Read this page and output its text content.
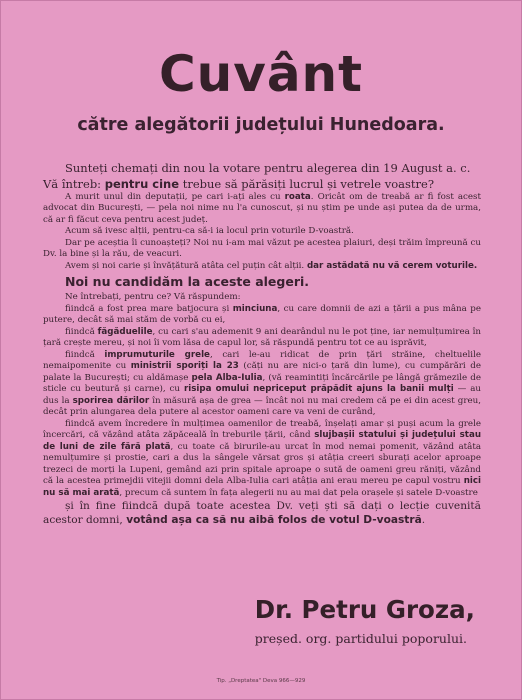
Cuvânt
către alegătorii județului Hunedoara.

Sunteți chemați din nou la votare pentru alegerea din 19 August a. c.

Vă întreb: pentru cine trebue să părăsiți lucrul și vetrele voastre?

A murit unul din deputații, pe cari i-ați ales cu roata. Oricât om de treabă ar fi fost acest advocat din București, — pela noi nime nu l'a cunoscut, și nu știm pe unde ași putea da de urma, că ar fi făcut ceva pentru acest județ.

Acum să ivesc alții, pentru-ca să-i ia locul prin voturile D-voastră.

Dar pe aceștia îi cunoașteți? Noi nu i-am mai văzut pe acestea plaiuri, deși trăim împreună cu Dv. la bine și la rău, de veacuri.

Avem și noi carie și învățătură atâta cel puțin cât alții. dar astădată nu vă cerem voturile.

Noi nu candidăm la aceste alegeri.

Ne întrebați, pentru ce? Vă răspundem:

fiindcă a fost prea mare batjocura și minciuna, cu care domnii de azi a țării a pus mâna pe putere, decât să mai stăm de vorbă cu ei,

fiindcă făgăduelile, cu cari s'au ademenit 9 ani dearândul nu le pot ține, iar nemulțumirea în țară crește mereu, și noi îi vom lăsa de capul lor, să răspundă pentru tot ce au isprăvit,

fiindcă imprumuturile grele, cari le-au ridicat de prin țări străine, cheltuelile nemaipomenite cu ministrii sporiți la 23 (căți nu are nici-o țară din lume), cu cumpărări de palate la București; cu aldămașe pela Alba-Iulia, (vă reamintiți încărcările pe lângă grămezile de sticle cu beutură și carne), cu risipa omului nepriceput prăpădit ajuns la banii mulți — au dus la sporirea dărilor în măsură așa de grea — încât noi nu mai credem că pe ei din acest greu, decât prin alungarea dela putere al acestor oameni care va veni de curând,

fiindcă avem încredere în mulțimea oamenilor de treabă, înșelați amar și puși acum la grele încercări, că văzând atâta zăpăceală în treburile țării, când slujbașii statului și județului stau de luni de zile fără plată, cu toate că birurile-au urcat în mod nemai pomenit, văzând atâta nemulțumire și prostie, cari a dus la sângele vărsat gros și atâția creeri sburați acelor aproape trezeci de morți la Lupeni, gemând azi prin spitale aproape o sută de oameni greu răniți, văzând că la acestea primejdii vitejii domni dela Alba-Iulia cari atâția ani erau mereu pe capul vostru nici nu să mai arată, precum că suntem în fața alegerii nu au mai dat pela orașele și satele D-voastre

și în fine fiindcă după toate acestea Dv. veți ști să dați o lecție cuvenită acestor domni, votând așa ca să nu aibă folos de votul D-voastră.

Dr. Petru Groza,
președ. org. partidului poporului.
Tip. „Dreptatea" Deva 966—929
